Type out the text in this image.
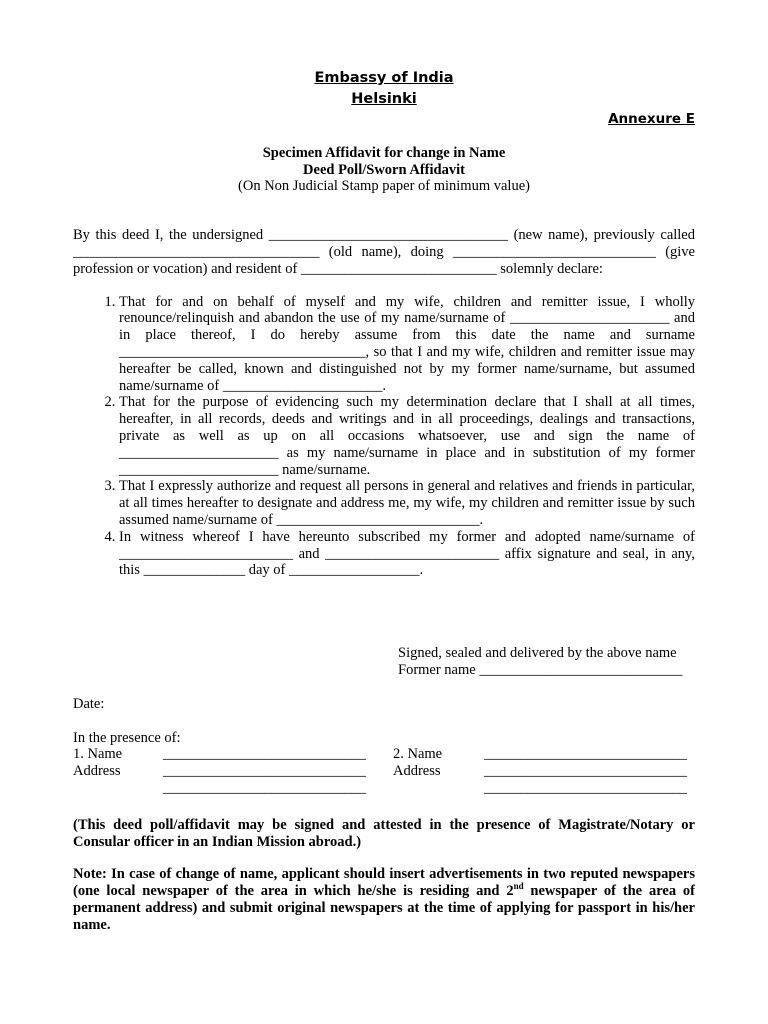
Embassy of India
Helsinki
Annexure E
Specimen Affidavit for change in Name
Deed Poll/Sworn Affidavit
(On Non Judicial Stamp paper of minimum value)
By this deed I, the undersigned _________________________________ (new name), previously called __________________________________ (old name), doing ____________________________ (give profession or vocation) and resident of ___________________________ solemnly declare:
1. That for and on behalf of myself and my wife, children and remitter issue, I wholly renounce/relinquish and abandon the use of my name/surname of ______________________ and in place thereof, I do hereby assume from this date the name and surname __________________________________, so that I and my wife, children and remitter issue may hereafter be called, known and distinguished not by my former name/surname, but assumed name/surname of ______________________.
2. That for the purpose of evidencing such my determination declare that I shall at all times, hereafter, in all records, deeds and writings and in all proceedings, dealings and transactions, private as well as up on all occasions whatsoever, use and sign the name of ______________________ as my name/surname in place and in substitution of my former ______________________ name/surname.
3. That I expressly authorize and request all persons in general and relatives and friends in particular, at all times hereafter to designate and address me, my wife, my children and remitter issue by such assumed name/surname of ____________________________.
4. In witness whereof I have hereunto subscribed my former and adopted name/surname of ________________________ and ________________________ affix signature and seal, in any, this ______________ day of __________________.
Signed, sealed and delivered by the above name
Former name ____________________________
Date:
In the presence of:
1. Name	____________________________	2. Name	____________________________
Address	____________________________	Address	____________________________
____________________________	____________________________
(This deed poll/affidavit may be signed and attested in the presence of Magistrate/Notary or Consular officer in an Indian Mission abroad.)
Note: In case of change of name, applicant should insert advertisements in two reputed newspapers (one local newspaper of the area in which he/she is residing and 2nd newspaper of the area of permanent address) and submit original newspapers at the time of applying for passport in his/her name.
